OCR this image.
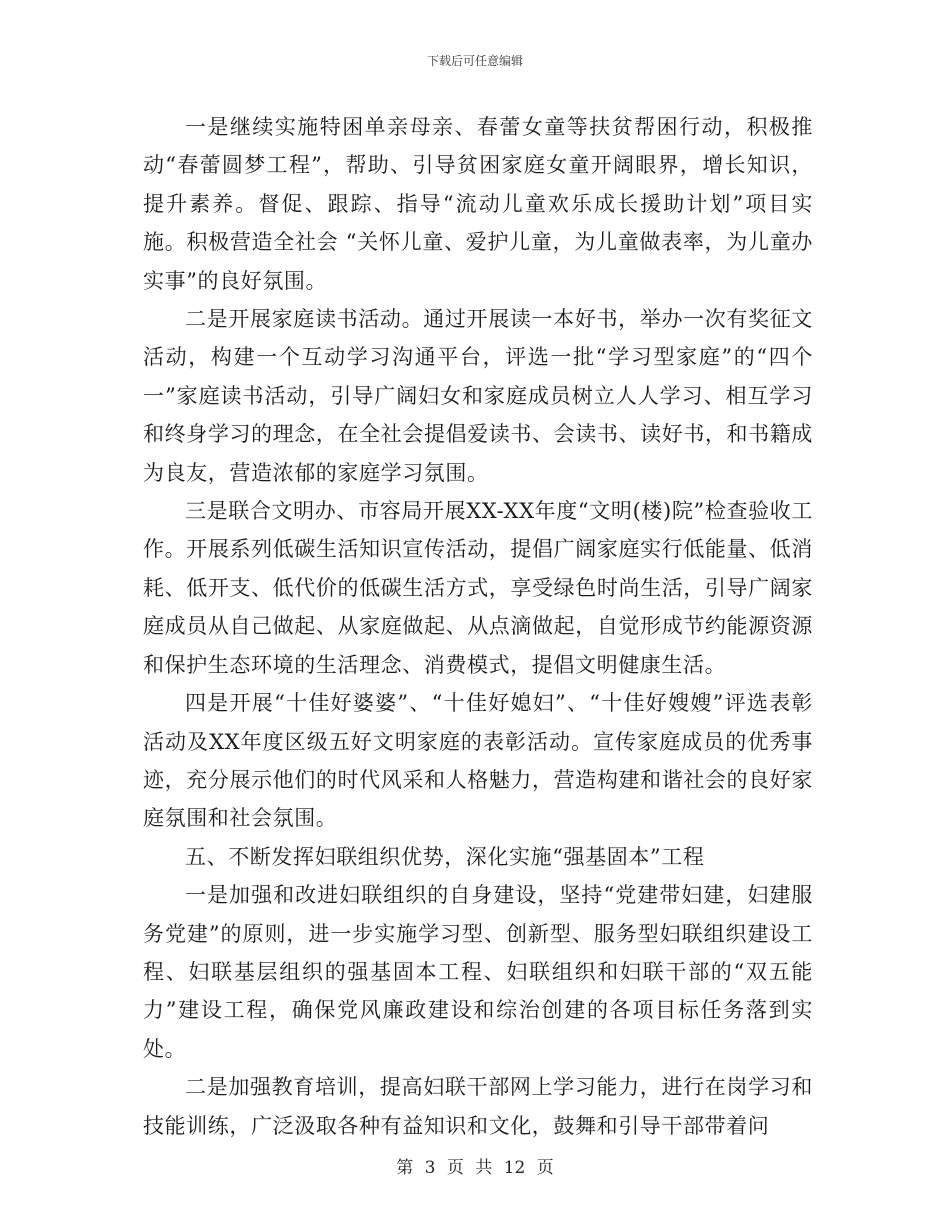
下载后可任意编辑

一是继续实施特困单亲母亲、春蕾女童等扶贫帮困行动，积极推动“春蕾圆梦工程”，帮助、引导贫困家庭女童开阔眼界，增长知识，提升素养。督促、跟踪、指导“流动儿童欢乐成长援助计划”项目实施。积极营造全社会 “关怀儿童、爱护儿童，为儿童做表率，为儿童办实事”的良好氛围。

二是开展家庭读书活动。通过开展读一本好书，举办一次有奖征文活动，构建一个互动学习沟通平台，评选一批“学习型家庭”的“四个一”家庭读书活动，引导广阔妇女和家庭成员树立人人学习、相互学习和终身学习的理念，在全社会提倡爱读书、会读书、读好书，和书籍成为良友，营造浓郁的家庭学习氛围。

三是联合文明办、市容局开展XX-XX年度“文明(楼)院”检查验收工作。开展系列低碳生活知识宣传活动，提倡广阔家庭实行低能量、低消耗、低开支、低代价的低碳生活方式，享受绿色时尚生活，引导广阔家庭成员从自己做起、从家庭做起、从点滴做起，自觉形成节约能源资源和保护生态环境的生活理念、消费模式，提倡文明健康生活。

四是开展“十佳好婆婆”、“十佳好媳妇”、“十佳好嫂嫂”评选表彰活动及XX年度区级五好文明家庭的表彰活动。宣传家庭成员的优秀事迹，充分展示他们的时代风采和人格魅力，营造构建和谐社会的良好家庭氛围和社会氛围。

五、不断发挥妇联组织优势，深化实施“强基固本”工程

一是加强和改进妇联组织的自身建设，坚持“党建带妇建，妇建服务党建”的原则，进一步实施学习型、创新型、服务型妇联组织建设工程、妇联基层组织的强基固本工程、妇联组织和妇联干部的“双五能力”建设工程，确保党风廉政建设和综治创建的各项目标任务落到实处。

二是加强教育培训，提高妇联干部网上学习能力，进行在岗学习和技能训练，广泛汲取各种有益知识和文化，鼓舞和引导干部带着问

第 3 页 共 12 页
